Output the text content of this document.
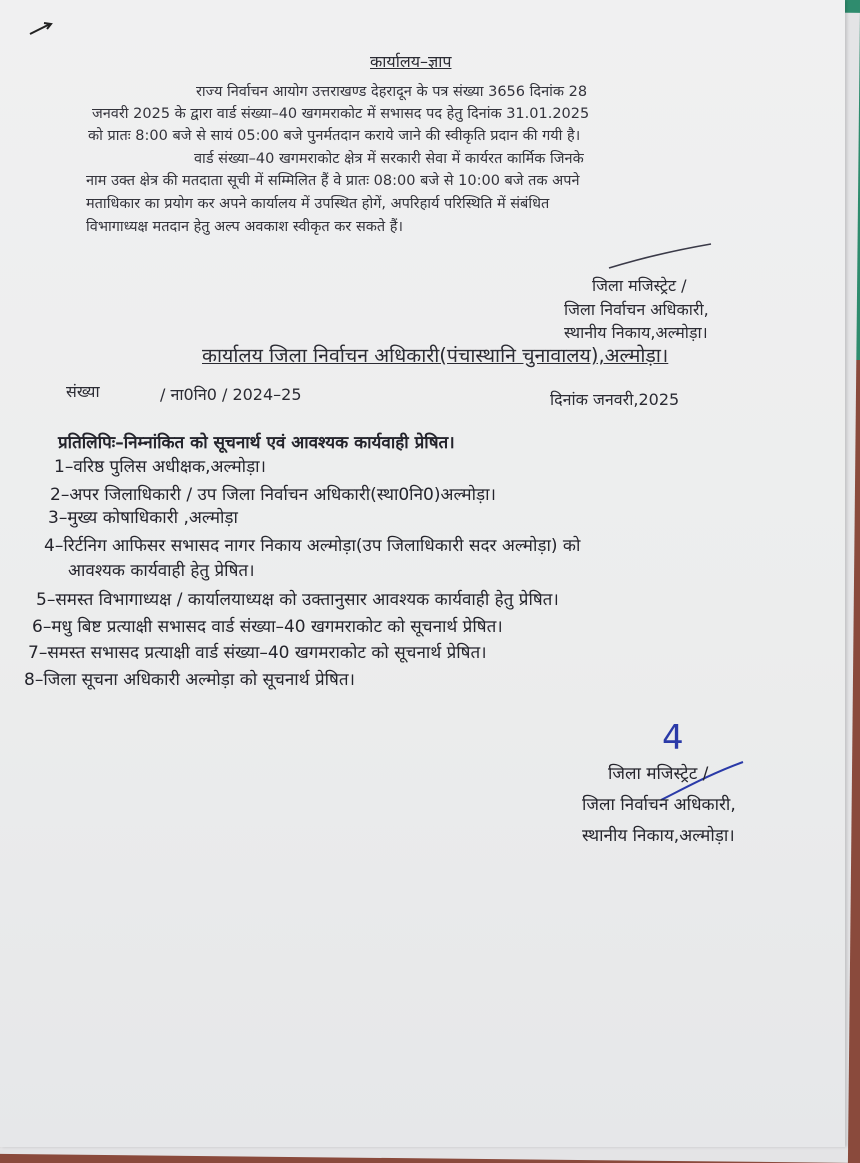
कार्यालय–ज्ञाप
राज्य निर्वाचन आयोग उत्तराखण्ड देहरादून के पत्र संख्या 3656 दिनांक 28
जनवरी 2025 के द्वारा वार्ड संख्या–40 खगमराकोट में सभासद पद हेतु दिनांक 31.01.2025
को प्रातः 8:00 बजे से सायं 05:00 बजे पुनर्मतदान कराये जाने की स्वीकृति प्रदान की गयी है।
वार्ड संख्या–40 खगमराकोट क्षेत्र में सरकारी सेवा में कार्यरत कार्मिक जिनके
नाम उक्त क्षेत्र की मतदाता सूची में सम्मिलित हैं वे प्रातः 08:00 बजे से 10:00 बजे तक अपने
मताधिकार का प्रयोग कर अपने कार्यालय में उपस्थित होगें, अपरिहार्य परिस्थिति में संबंधित
विभागाध्यक्ष मतदान हेतु अल्प अवकाश स्वीकृत कर सकते हैं।
जिला मजिस्ट्रेट /
जिला निर्वाचन अधिकारी,
स्थानीय निकाय,अल्मोड़ा।
कार्यालय जिला निर्वाचन अधिकारी(पंचास्थानि चुनावालय),अल्मोड़ा।
संख्या	/ ना0नि0 / 2024–25	दिनांक जनवरी,2025
प्रतिलिपिः–निम्नांकित को सूचनार्थ एवं आवश्यक कार्यवाही प्रेषित।
1–वरिष्ठ पुलिस अधीक्षक,अल्मोड़ा।
2–अपर जिलाधिकारी / उप जिला निर्वाचन अधिकारी(स्था0नि0)अल्मोड़ा।
3–मुख्य कोषाधिकारी ,अल्मोड़ा
4–रिर्टनिग आफिसर सभासद नागर निकाय अल्मोड़ा(उप जिलाधिकारी सदर अल्मोड़ा) को
आवश्यक कार्यवाही हेतु प्रेषित।
5–समस्त विभागाध्यक्ष / कार्यालयाध्यक्ष को उक्तानुसार आवश्यक कार्यवाही हेतु प्रेषित।
6–मधु बिष्ट प्रत्याक्षी सभासद वार्ड संख्या–40 खगमराकोट को सूचनार्थ प्रेषित।
7–समस्त सभासद प्रत्याक्षी वार्ड संख्या–40 खगमराकोट को सूचनार्थ प्रेषित।
8–जिला सूचना अधिकारी अल्मोड़ा को सूचनार्थ प्रेषित।
4
जिला मजिस्ट्रेट /
जिला निर्वाचन अधिकारी,
स्थानीय निकाय,अल्मोड़ा।
